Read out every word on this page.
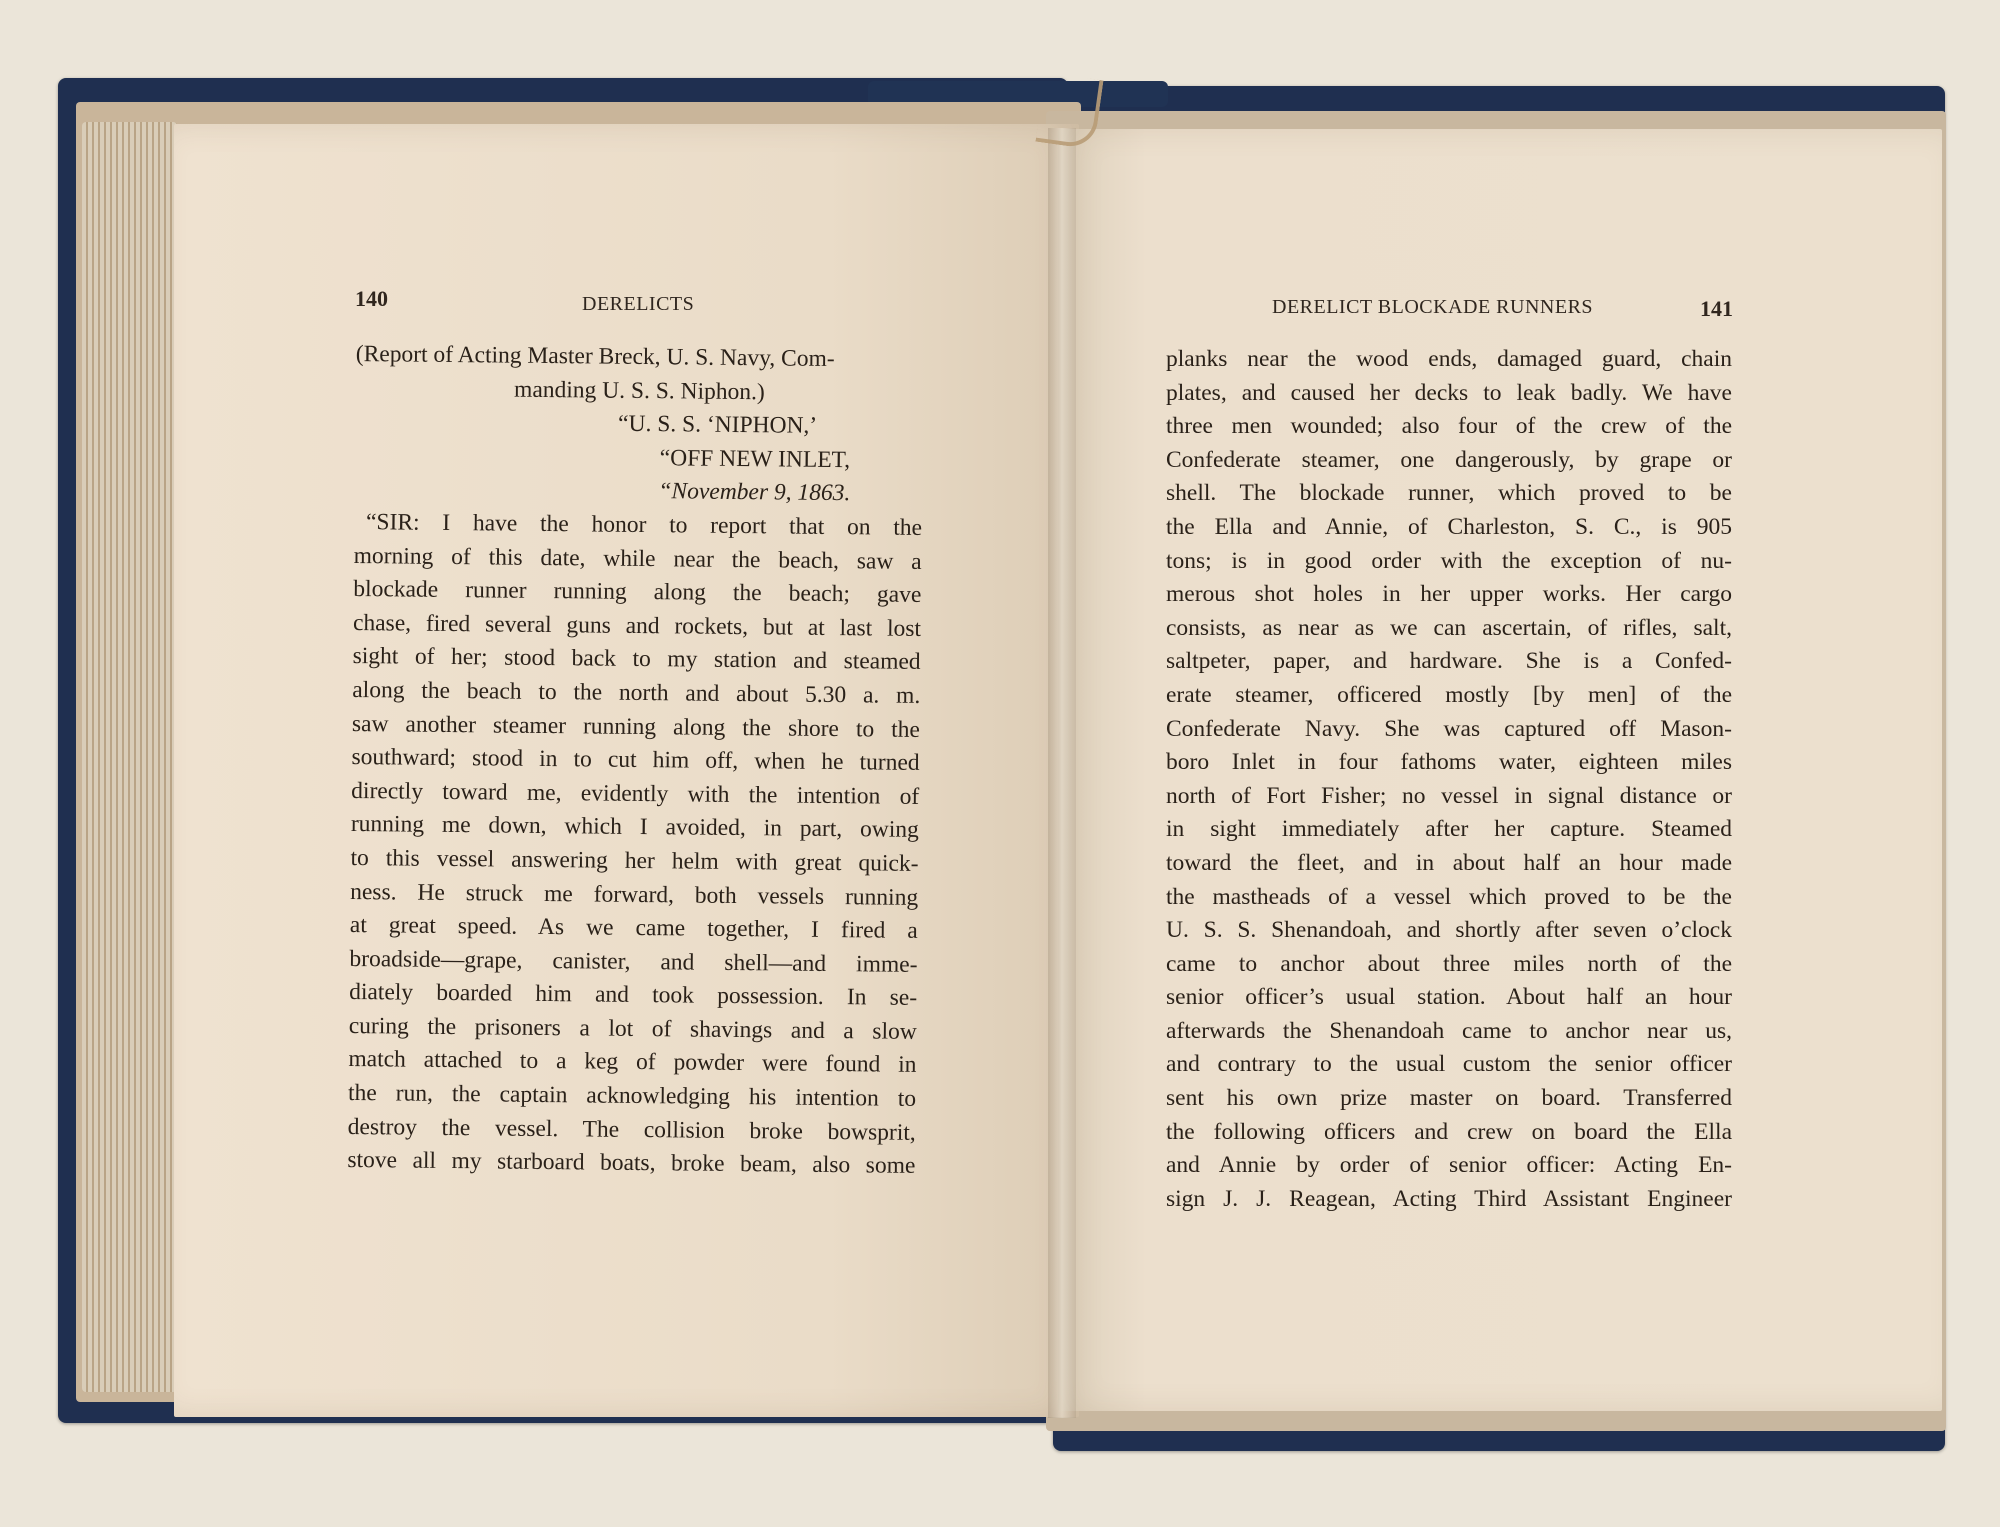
140	DERELICTS	DERELICT BLOCKADE RUNNERS	141
(Report of Acting Master Breck, U. S. Navy, Com-
manding U. S. S. Niphon.)
“U. S. S. ‘NIPHON,’
“OFF NEW INLET,
“November 9, 1863.
“SIR: I have the honor to report that on the
morning of this date, while near the beach, saw a
blockade runner running along the beach; gave
chase, fired several guns and rockets, but at last lost
sight of her; stood back to my station and steamed
along the beach to the north and about 5.30 a. m.
saw another steamer running along the shore to the
southward; stood in to cut him off, when he turned
directly toward me, evidently with the intention of
running me down, which I avoided, in part, owing
to this vessel answering her helm with great quick-
ness. He struck me forward, both vessels running
at great speed. As we came together, I fired a
broadside—grape, canister, and shell—and imme-
diately boarded him and took possession. In se-
curing the prisoners a lot of shavings and a slow
match attached to a keg of powder were found in
the run, the captain acknowledging his intention to
destroy the vessel. The collision broke bowsprit,
stove all my starboard boats, broke beam, also some
planks near the wood ends, damaged guard, chain
plates, and caused her decks to leak badly. We have
three men wounded; also four of the crew of the
Confederate steamer, one dangerously, by grape or
shell. The blockade runner, which proved to be
the Ella and Annie, of Charleston, S. C., is 905
tons; is in good order with the exception of nu-
merous shot holes in her upper works. Her cargo
consists, as near as we can ascertain, of rifles, salt,
saltpeter, paper, and hardware. She is a Confed-
erate steamer, officered mostly [by men] of the
Confederate Navy. She was captured off Mason-
boro Inlet in four fathoms water, eighteen miles
north of Fort Fisher; no vessel in signal distance or
in sight immediately after her capture. Steamed
toward the fleet, and in about half an hour made
the mastheads of a vessel which proved to be the
U. S. S. Shenandoah, and shortly after seven o’clock
came to anchor about three miles north of the
senior officer’s usual station. About half an hour
afterwards the Shenandoah came to anchor near us,
and contrary to the usual custom the senior officer
sent his own prize master on board. Transferred
the following officers and crew on board the Ella
and Annie by order of senior officer: Acting En-
sign J. J. Reagean, Acting Third Assistant Engineer
